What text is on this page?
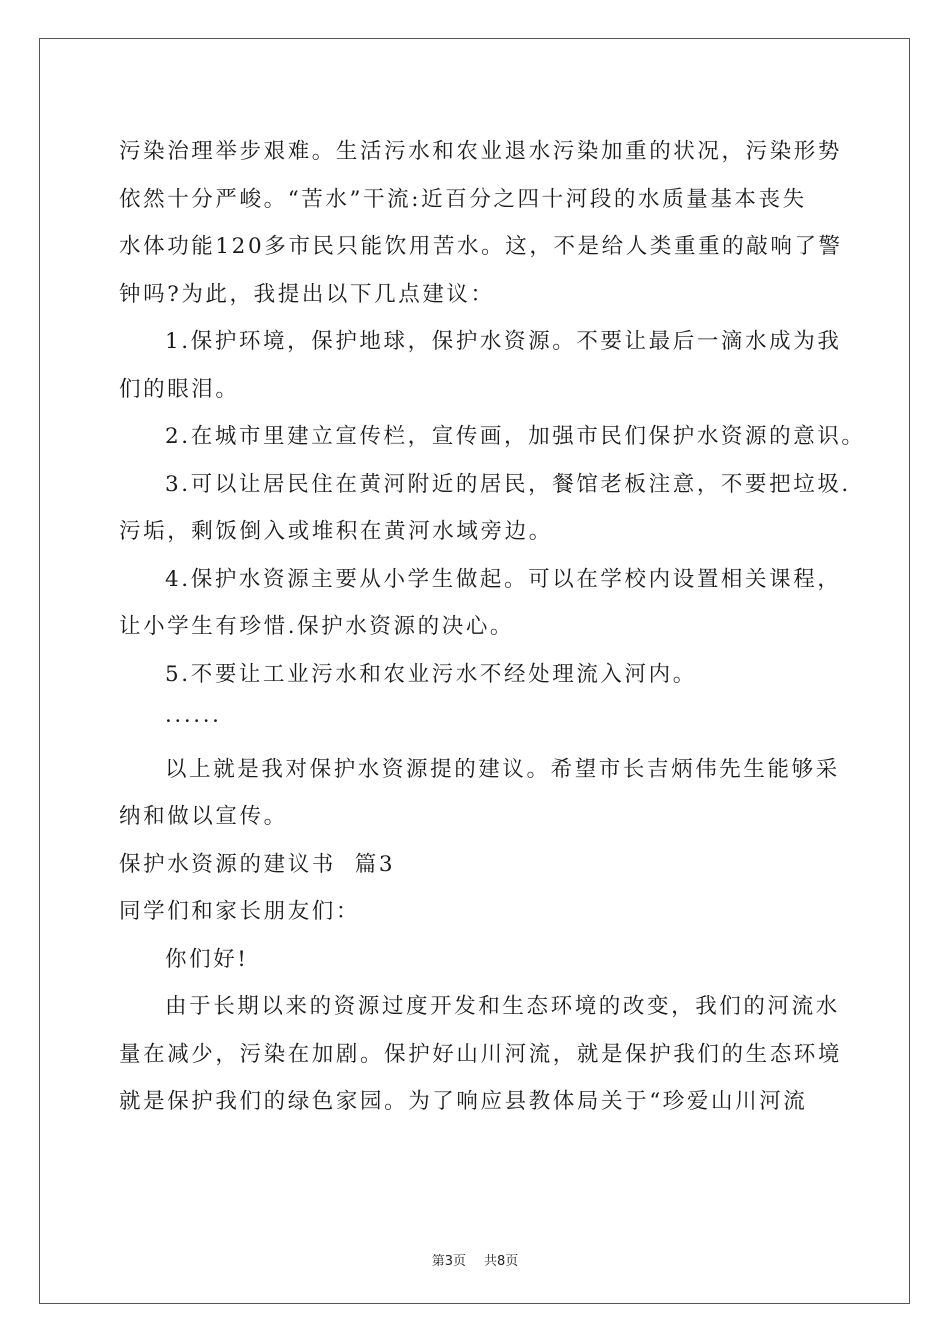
污染治理举步艰难。生活污水和农业退水污染加重的状况，污染形势
依然十分严峻。“苦水”干流:近百分之四十河段的水质量基本丧失
水体功能120多市民只能饮用苦水。这，不是给人类重重的敲响了警
钟吗?为此，我提出以下几点建议：
1.保护环境，保护地球，保护水资源。不要让最后一滴水成为我
们的眼泪。
2.在城市里建立宣传栏，宣传画，加强市民们保护水资源的意识。
3.可以让居民住在黄河附近的居民，餐馆老板注意，不要把垃圾.
污垢，剩饭倒入或堆积在黄河水域旁边。
4.保护水资源主要从小学生做起。可以在学校内设置相关课程，
让小学生有珍惜.保护水资源的决心。
5.不要让工业污水和农业污水不经处理流入河内。
······
以上就是我对保护水资源提的建议。希望市长吉炳伟先生能够采
纳和做以宣传。
保护水资源的建议书  篇3
同学们和家长朋友们：
你们好!
由于长期以来的资源过度开发和生态环境的改变，我们的河流水
量在减少，污染在加剧。保护好山川河流，就是保护我们的生态环境
就是保护我们的绿色家园。为了响应县教体局关于“珍爱山川河流
第3页 共8页
